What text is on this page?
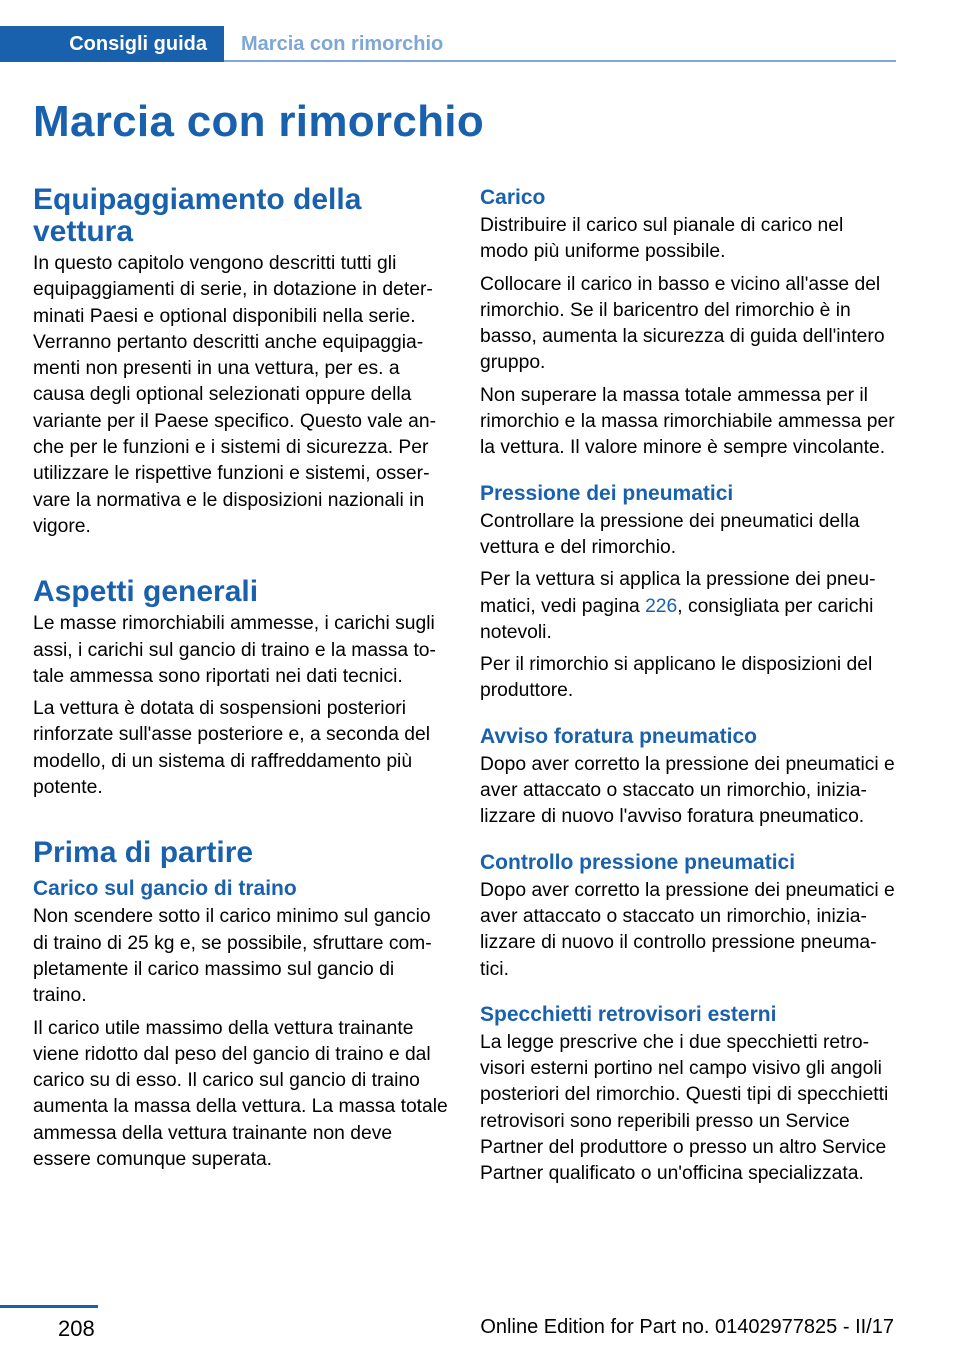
Consigli guida Marcia con rimorchio
Marcia con rimorchio
Equipaggiamento della vettura

In questo capitolo vengono descritti tutti gli equipaggiamenti di serie, in dotazione in determinati Paesi e optional disponibili nella serie. Verranno pertanto descritti anche equipaggiamenti non presenti in una vettura, per es. a causa degli optional selezionati oppure della variante per il Paese specifico. Questo vale anche per le funzioni e i sistemi di sicurezza. Per utilizzare le rispettive funzioni e sistemi, osservare la normativa e le disposizioni nazionali in vigore.

Aspetti generali

Le masse rimorchiabili ammesse, i carichi sugli assi, i carichi sul gancio di traino e la massa totale ammessa sono riportati nei dati tecnici.

La vettura è dotata di sospensioni posteriori rinforzate sull'asse posteriore e, a seconda del modello, di un sistema di raffreddamento più potente.

Prima di partire
Carico sul gancio di traino

Non scendere sotto il carico minimo sul gancio di traino di 25 kg e, se possibile, sfruttare completamente il carico massimo sul gancio di traino.

Il carico utile massimo della vettura trainante viene ridotto dal peso del gancio di traino e dal carico su di esso. Il carico sul gancio di traino aumenta la massa della vettura. La massa totale ammessa della vettura trainante non deve essere comunque superata.

Carico

Distribuire il carico sul pianale di carico nel modo più uniforme possibile.

Collocare il carico in basso e vicino all'asse del rimorchio. Se il baricentro del rimorchio è in basso, aumenta la sicurezza di guida dell'intero gruppo.

Non superare la massa totale ammessa per il rimorchio e la massa rimorchiabile ammessa per la vettura. Il valore minore è sempre vincolante.

Pressione dei pneumatici

Controllare la pressione dei pneumatici della vettura e del rimorchio.

Per la vettura si applica la pressione dei pneumatici, vedi pagina 226, consigliata per carichi notevoli.

Per il rimorchio si applicano le disposizioni del produttore.

Avviso foratura pneumatico

Dopo aver corretto la pressione dei pneumatici e aver attaccato o staccato un rimorchio, inizializzare di nuovo l'avviso foratura pneumatico.

Controllo pressione pneumatici

Dopo aver corretto la pressione dei pneumatici e aver attaccato o staccato un rimorchio, inizializzare di nuovo il controllo pressione pneumatici.

Specchietti retrovisori esterni

La legge prescrive che i due specchietti retrovisori esterni portino nel campo visivo gli angoli posteriori del rimorchio. Questi tipi di specchietti retrovisori sono reperibili presso un Service Partner del produttore o presso un altro Service Partner qualificato o un'officina specializzata.

208	Online Edition for Part no. 01402977825 - II/17
